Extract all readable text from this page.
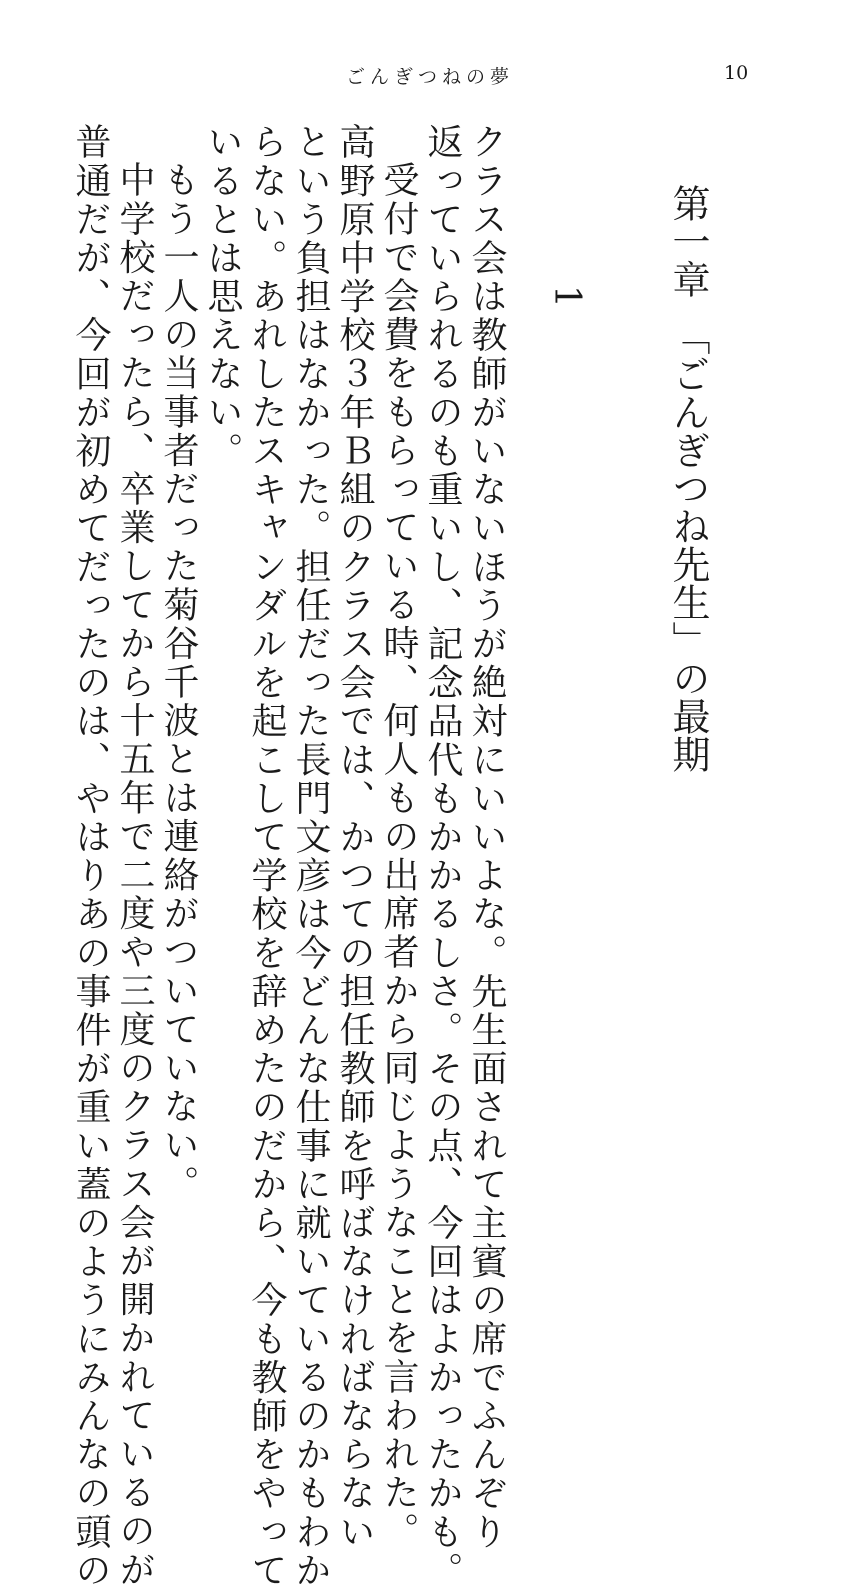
ごんぎつねの夢	10
第一章　「ごんぎつね先生」の最期
1
クラス会は教師がいないほうが絶対にいいよな。先生面されて主賓の席でふんぞり
返っていられるのも重いし、記念品代もかかるしさ。その点、今回はよかったかも。
受付で会費をもらっている時、何人もの出席者から同じようなことを言われた。
高野原中学校３年Ｂ組のクラス会では、かつての担任教師を呼ばなければならない
という負担はなかった。担任だった長門文彦は今どんな仕事に就いているのかもわか
らない。あれしたスキャンダルを起こして学校を辞めたのだから、今も教師をやって
いるとは思えない。
もう一人の当事者だった菊谷千波とは連絡がついていない。
中学校だったら、卒業してから十五年で二度や三度のクラス会が開かれているのが
普通だが、今回が初めてだったのは、やはりあの事件が重い蓋のようにみんなの頭の
